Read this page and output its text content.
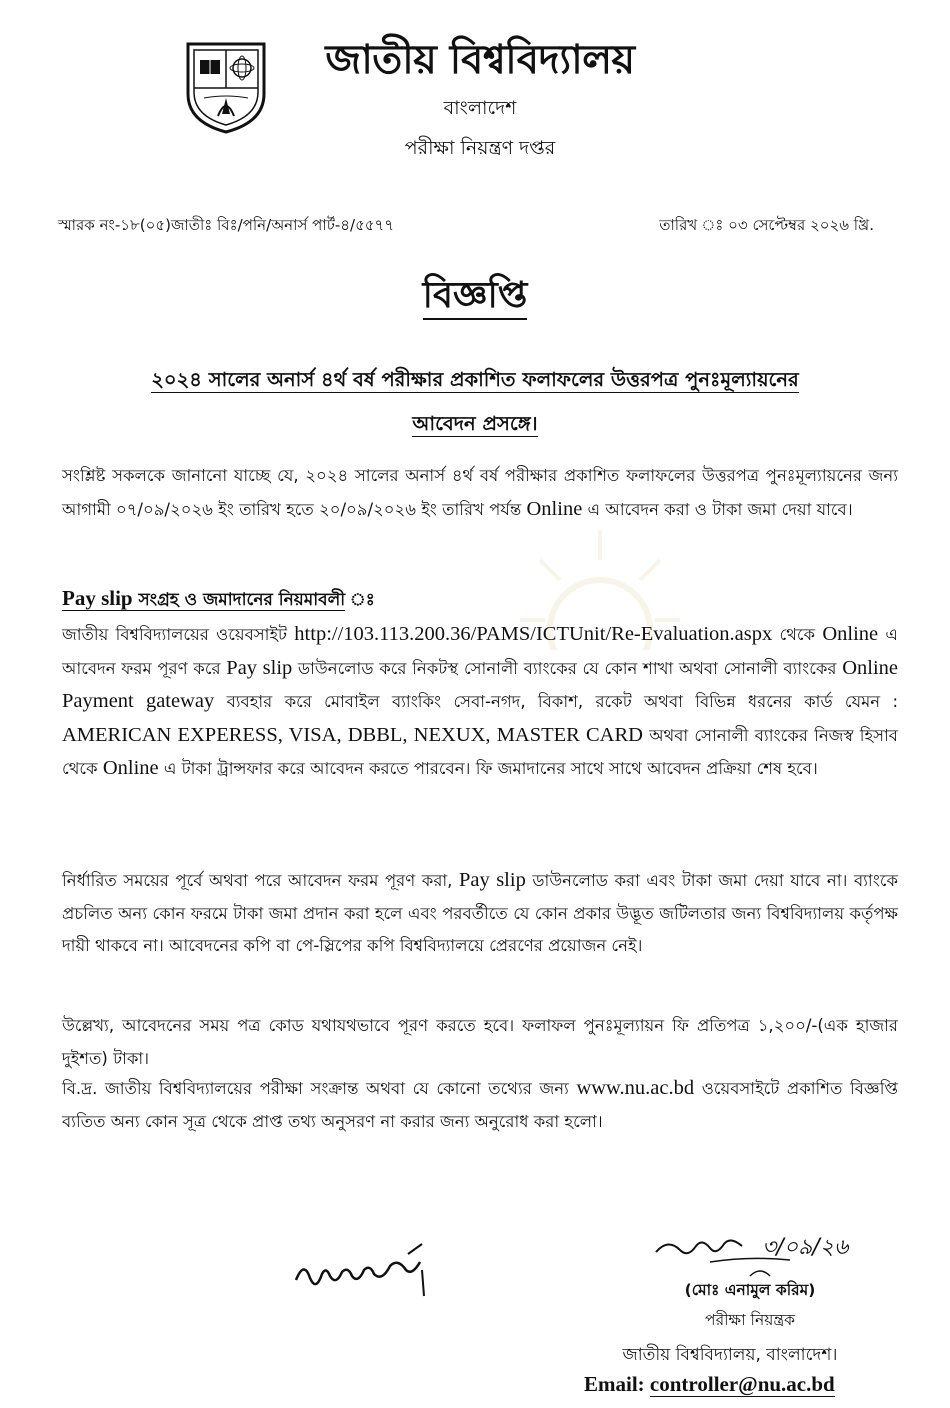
জাতীয় বিশ্ববিদ্যালয়
বাংলাদেশ
পরীক্ষা নিয়ন্ত্রণ দপ্তর
স্মারক নং-১৮(০৫)জাতীঃ বিঃ/পনি/অনার্স পার্ট-৪/৫৫৭৭	তারিখ ঃ ০৩ সেপ্টেম্বর ২০২৬ খ্রি.
বিজ্ঞপ্তি
২০২৪ সালের অনার্স ৪র্থ বর্ষ পরীক্ষার প্রকাশিত ফলাফলের উত্তরপত্র পুনঃমূল্যায়নের
আবেদন প্রসঙ্গে।
সংশ্লিষ্ট সকলকে জানানো যাচ্ছে যে, ২০২৪ সালের অনার্স ৪র্থ বর্ষ পরীক্ষার প্রকাশিত ফলাফলের উত্তরপত্র পুনঃমূল্যায়নের জন্য আগামী ০৭/০৯/২০২৬ ইং তারিখ হতে ২০/০৯/২০২৬ ইং তারিখ পর্যন্ত Online এ আবেদন করা ও টাকা জমা দেয়া যাবে।
Pay slip সংগ্রহ ও জমাদানের নিয়মাবলী ঃ
জাতীয় বিশ্ববিদ্যালয়ের ওয়েবসাইট http://103.113.200.36/PAMS/ICTUnit/Re-Evaluation.aspx থেকে Online এ আবেদন ফরম পূরণ করে Pay slip ডাউনলোড করে নিকটস্থ সোনালী ব্যাংকের যে কোন শাখা অথবা সোনালী ব্যাংকের Online Payment gateway ব্যবহার করে মোবাইল ব্যাংকিং সেবা-নগদ, বিকাশ, রকেট অথবা বিভিন্ন ধরনের কার্ড যেমন : AMERICAN EXPERESS, VISA, DBBL, NEXUX, MASTER CARD অথবা সোনালী ব্যাংকের নিজস্ব হিসাব থেকে Online এ টাকা ট্রান্সফার করে আবেদন করতে পারবেন। ফি জমাদানের সাথে সাথে আবেদন প্রক্রিয়া শেষ হবে।
নির্ধারিত সময়ের পূর্বে অথবা পরে আবেদন ফরম পূরণ করা, Pay slip ডাউনলোড করা এবং টাকা জমা দেয়া যাবে না। ব্যাংকে প্রচলিত অন্য কোন ফরমে টাকা জমা প্রদান করা হলে এবং পরবর্তীতে যে কোন প্রকার উদ্ভূত জটিলতার জন্য বিশ্ববিদ্যালয় কর্তৃপক্ষ দায়ী থাকবে না। আবেদনের কপি বা পে-স্লিপের কপি বিশ্ববিদ্যালয়ে প্রেরণের প্রয়োজন নেই।
উল্লেখ্য, আবেদনের সময় পত্র কোড যথাযথভাবে পূরণ করতে হবে। ফলাফল পুনঃমূল্যায়ন ফি প্রতিপত্র ১,২০০/-(এক হাজার দুইশত) টাকা।
বি.দ্র. জাতীয় বিশ্ববিদ্যালয়ের পরীক্ষা সংক্রান্ত অথবা যে কোনো তথ্যের জন্য www.nu.ac.bd ওয়েবসাইটে প্রকাশিত বিজ্ঞপ্তি ব্যতিত অন্য কোন সূত্র থেকে প্রাপ্ত তথ্য অনুসরণ না করার জন্য অনুরোধ করা হলো।
৩/০৯/২৬
(মোঃ এনামুল করিম)
পরীক্ষা নিয়ন্ত্রক
জাতীয় বিশ্ববিদ্যালয়, বাংলাদেশ।
Email: controller@nu.ac.bd
